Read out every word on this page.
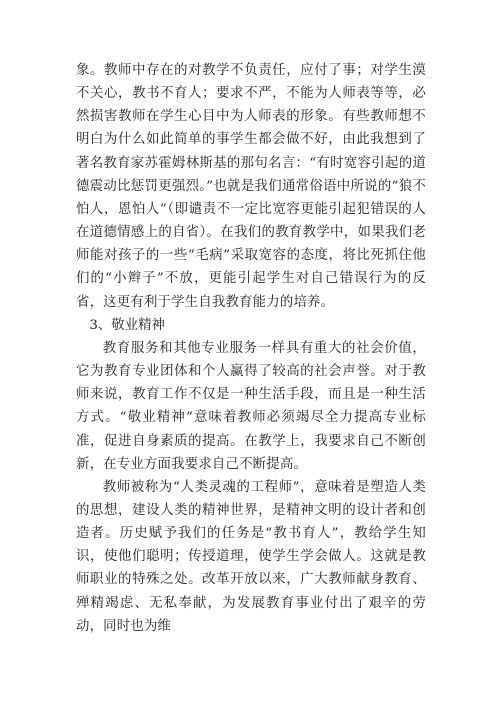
象。教师中存在的对教学不负责任，应付了事；对学生漠不关心，教书不育人；要求不严，不能为人师表等等，必然损害教师在学生心目中为人师表的形象。有些教师想不明白为什么如此简单的事学生都会做不好，由此我想到了著名教育家苏霍姆林斯基的那句名言：“有时宽容引起的道德震动比惩罚更强烈。”也就是我们通常俗语中所说的“狼不怕人，恩怕人”（即谴责不一定比宽容更能引起犯错误的人在道德情感上的自省）。在我们的教育教学中，如果我们老师能对孩子的一些“毛病”采取宽容的态度，将比死抓住他们的“小辫子”不放，更能引起学生对自己错误行为的反省，这更有利于学生自我教育能力的培养。

3、敬业精神

教育服务和其他专业服务一样具有重大的社会价值，它为教育专业团体和个人赢得了较高的社会声誉。对于教师来说，教育工作不仅是一种生活手段，而且是一种生活方式。“敬业精神”意味着教师必须竭尽全力提高专业标准，促进自身素质的提高。在教学上，我要求自己不断创新，在专业方面我要求自己不断提高。

教师被称为“人类灵魂的工程师”，意味着是塑造人类的思想，建设人类的精神世界，是精神文明的设计者和创造者。历史赋予我们的任务是“教书育人”，教给学生知识，使他们聪明；传授道理，使学生学会做人。这就是教师职业的特殊之处。改革开放以来，广大教师献身教育、殚精竭虑、无私奉献，为发展教育事业付出了艰辛的劳动，同时也为维
